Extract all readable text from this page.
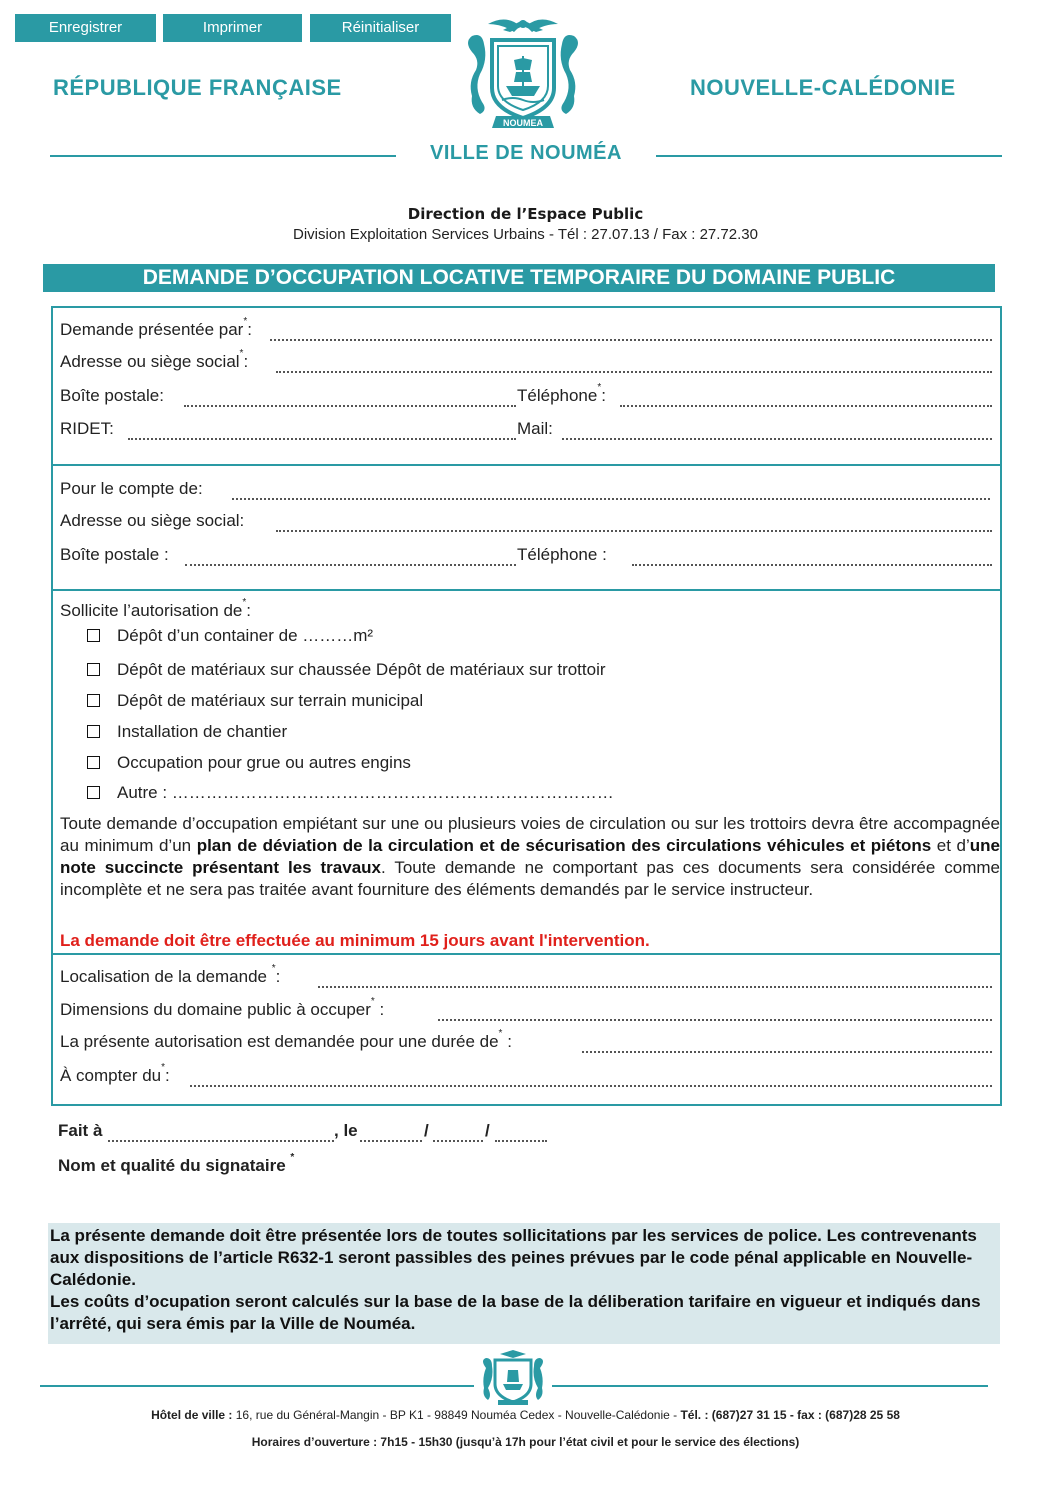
Enregistrer	Imprimer	Réinitialiser
RÉPUBLIQUE FRANÇAISE	NOUVELLE-CALÉDONIE
NOUMEA
VILLE DE NOUMÉA
Direction de l’Espace Public
Division Exploitation Services Urbains - Tél : 27.07.13 / Fax : 27.72.30
DEMANDE D’OCCUPATION LOCATIVE TEMPORAIRE DU DOMAINE PUBLIC
Demande présentée par*:
Adresse ou siège social*:
Boîte postale:	Téléphone*:
RIDET:	Mail:
Pour le compte de:
Adresse ou siège social:
Boîte postale :	Téléphone :
Sollicite l’autorisation de*:
Dépôt d’un container de ………m²
Dépôt de matériaux sur chaussée Dépôt de matériaux sur trottoir
Dépôt de matériaux sur terrain municipal
Installation de chantier
Occupation pour grue ou autres engins
Autre : ……………………………………………………………………
Toute demande d’occupation empiétant sur une ou plusieurs voies de circulation ou sur les trottoirs devra être accompagnée au minimum d’un plan de déviation de la circulation et de sécurisation des circulations véhicules et piétons et d’une note succincte présentant les travaux. Toute demande ne comportant pas ces documents sera considérée comme incomplète et ne sera pas traitée avant fourniture des éléments demandés par le service instructeur.
La demande doit être effectuée au minimum 15 jours avant l'intervention.
Localisation de la demande *:
Dimensions du domaine public à occuper* :
La présente autorisation est demandée pour une durée de* :
À compter du*:
Fait à	, le	/	/
Nom et qualité du signataire *
La présente demande doit être présentée lors de toutes sollicitations par les services de police. Les contrevenants aux dispositions de l’article R632-1 seront passibles des peines prévues par le code pénal applicable en Nouvelle-Calédonie.
Les coûts d’ocupation seront calculés sur la base de la base de la déliberation tarifaire en vigueur et indiqués dans l’arrêté, qui sera émis par la Ville de Nouméa.
Hôtel de ville : 16, rue du Général-Mangin - BP K1 - 98849 Nouméa Cedex - Nouvelle-Calédonie - Tél. : (687)27 31 15 - fax : (687)28 25 58
Horaires d’ouverture : 7h15 - 15h30 (jusqu’à 17h pour l’état civil et pour le service des élections)
